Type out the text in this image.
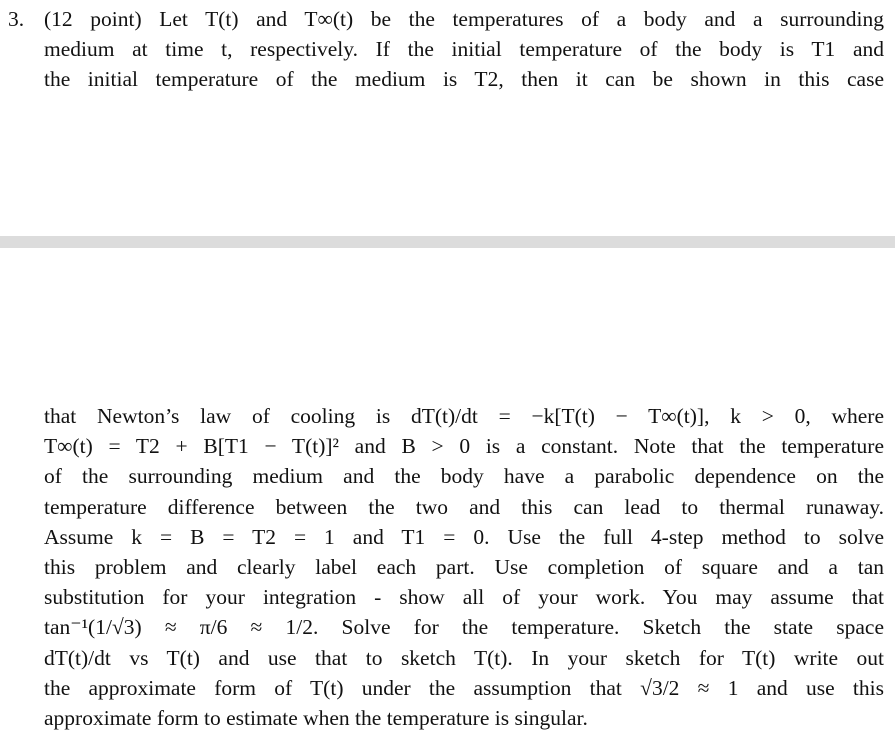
3. (12 point) Let T(t) and T∞(t) be the temperatures of a body and a surrounding
medium at time t, respectively. If the initial temperature of the body is T1 and
the initial temperature of the medium is T2, then it can be shown in this case
that Newton’s law of cooling is dT(t)/dt = −k[T(t) − T∞(t)], k > 0, where
T∞(t) = T2 + B[T1 − T(t)]² and B > 0 is a constant. Note that the temperature
of the surrounding medium and the body have a parabolic dependence on the
temperature difference between the two and this can lead to thermal runaway.
Assume k = B = T2 = 1 and T1 = 0. Use the full 4-step method to solve
this problem and clearly label each part. Use completion of square and a tan
substitution for your integration - show all of your work. You may assume that
tan⁻¹(1/√3) ≈ π/6 ≈ 1/2. Solve for the temperature. Sketch the state space
dT(t)/dt vs T(t) and use that to sketch T(t). In your sketch for T(t) write out
the approximate form of T(t) under the assumption that √3/2 ≈ 1 and use this
approximate form to estimate when the temperature is singular.
